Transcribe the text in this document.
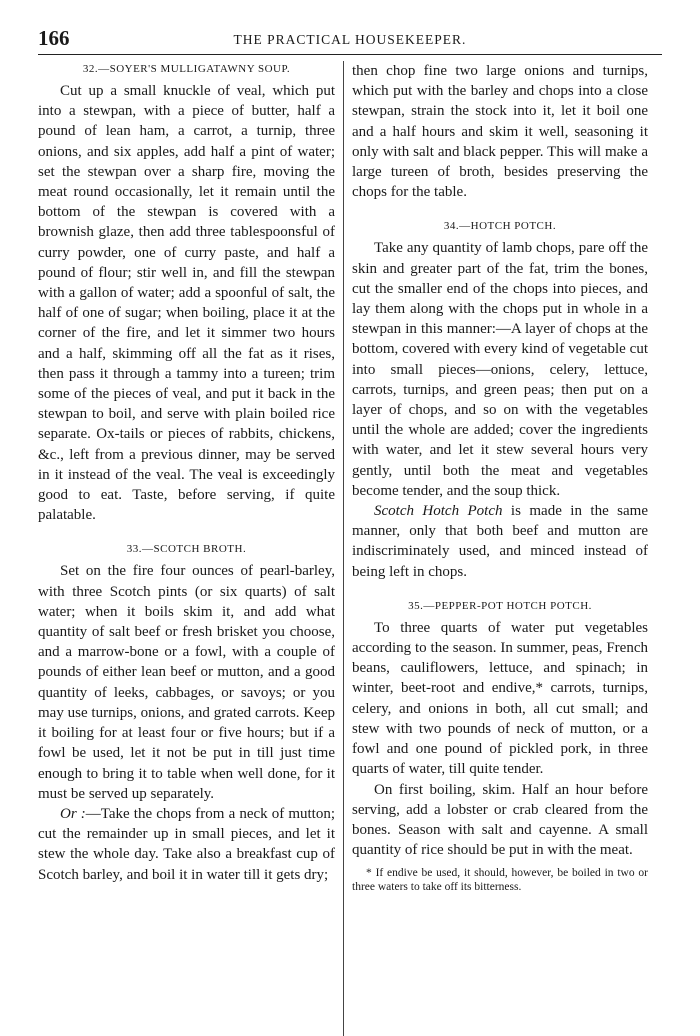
166	THE PRACTICAL HOUSEKEEPER.
32.—SOYER'S MULLIGATAWNY SOUP.

Cut up a small knuckle of veal, which put into a stewpan, with a piece of butter, half a pound of lean ham, a carrot, a turnip, three onions, and six apples, add half a pint of water; set the stewpan over a sharp fire, moving the meat round occasionally, let it remain until the bottom of the stewpan is covered with a brownish glaze, then add three tablespoonsful of curry powder, one of curry paste, and half a pound of flour; stir well in, and fill the stewpan with a gallon of water; add a spoonful of salt, the half of one of sugar; when boiling, place it at the corner of the fire, and let it simmer two hours and a half, skimming off all the fat as it rises, then pass it through a tammy into a tureen; trim some of the pieces of veal, and put it back in the stewpan to boil, and serve with plain boiled rice separate. Ox-tails or pieces of rabbits, chickens, &c., left from a previous dinner, may be served in it instead of the veal. The veal is exceedingly good to eat. Taste, before serving, if quite palatable.

33.—SCOTCH BROTH.

Set on the fire four ounces of pearl-barley, with three Scotch pints (or six quarts) of salt water; when it boils skim it, and add what quantity of salt beef or fresh brisket you choose, and a marrow-bone or a fowl, with a couple of pounds of either lean beef or mutton, and a good quantity of leeks, cabbages, or savoys; or you may use turnips, onions, and grated carrots. Keep it boiling for at least four or five hours; but if a fowl be used, let it not be put in till just time enough to bring it to table when well done, for it must be served up separately.

Or :—Take the chops from a neck of mutton; cut the remainder up in small pieces, and let it stew the whole day. Take also a breakfast cup of Scotch barley, and boil it in water till it gets dry;

then chop fine two large onions and turnips, which put with the barley and chops into a close stewpan, strain the stock into it, let it boil one and a half hours and skim it well, seasoning it only with salt and black pepper. This will make a large tureen of broth, besides preserving the chops for the table.

34.—HOTCH POTCH.

Take any quantity of lamb chops, pare off the skin and greater part of the fat, trim the bones, cut the smaller end of the chops into pieces, and lay them along with the chops put in whole in a stewpan in this manner:—A layer of chops at the bottom, covered with every kind of vegetable cut into small pieces—onions, celery, lettuce, carrots, turnips, and green peas; then put on a layer of chops, and so on with the vegetables until the whole are added; cover the ingredients with water, and let it stew several hours very gently, until both the meat and vegetables become tender, and the soup thick.

Scotch Hotch Potch is made in the same manner, only that both beef and mutton are indiscriminately used, and minced instead of being left in chops.

35.—PEPPER-POT HOTCH POTCH.

To three quarts of water put vegetables according to the season. In summer, peas, French beans, cauliflowers, lettuce, and spinach; in winter, beet-root and endive,* carrots, turnips, celery, and onions in both, all cut small; and stew with two pounds of neck of mutton, or a fowl and one pound of pickled pork, in three quarts of water, till quite tender.

On first boiling, skim. Half an hour before serving, add a lobster or crab cleared from the bones. Season with salt and cayenne. A small quantity of rice should be put in with the meat.

* If endive be used, it should, however, be boiled in two or three waters to take off its bitterness.
